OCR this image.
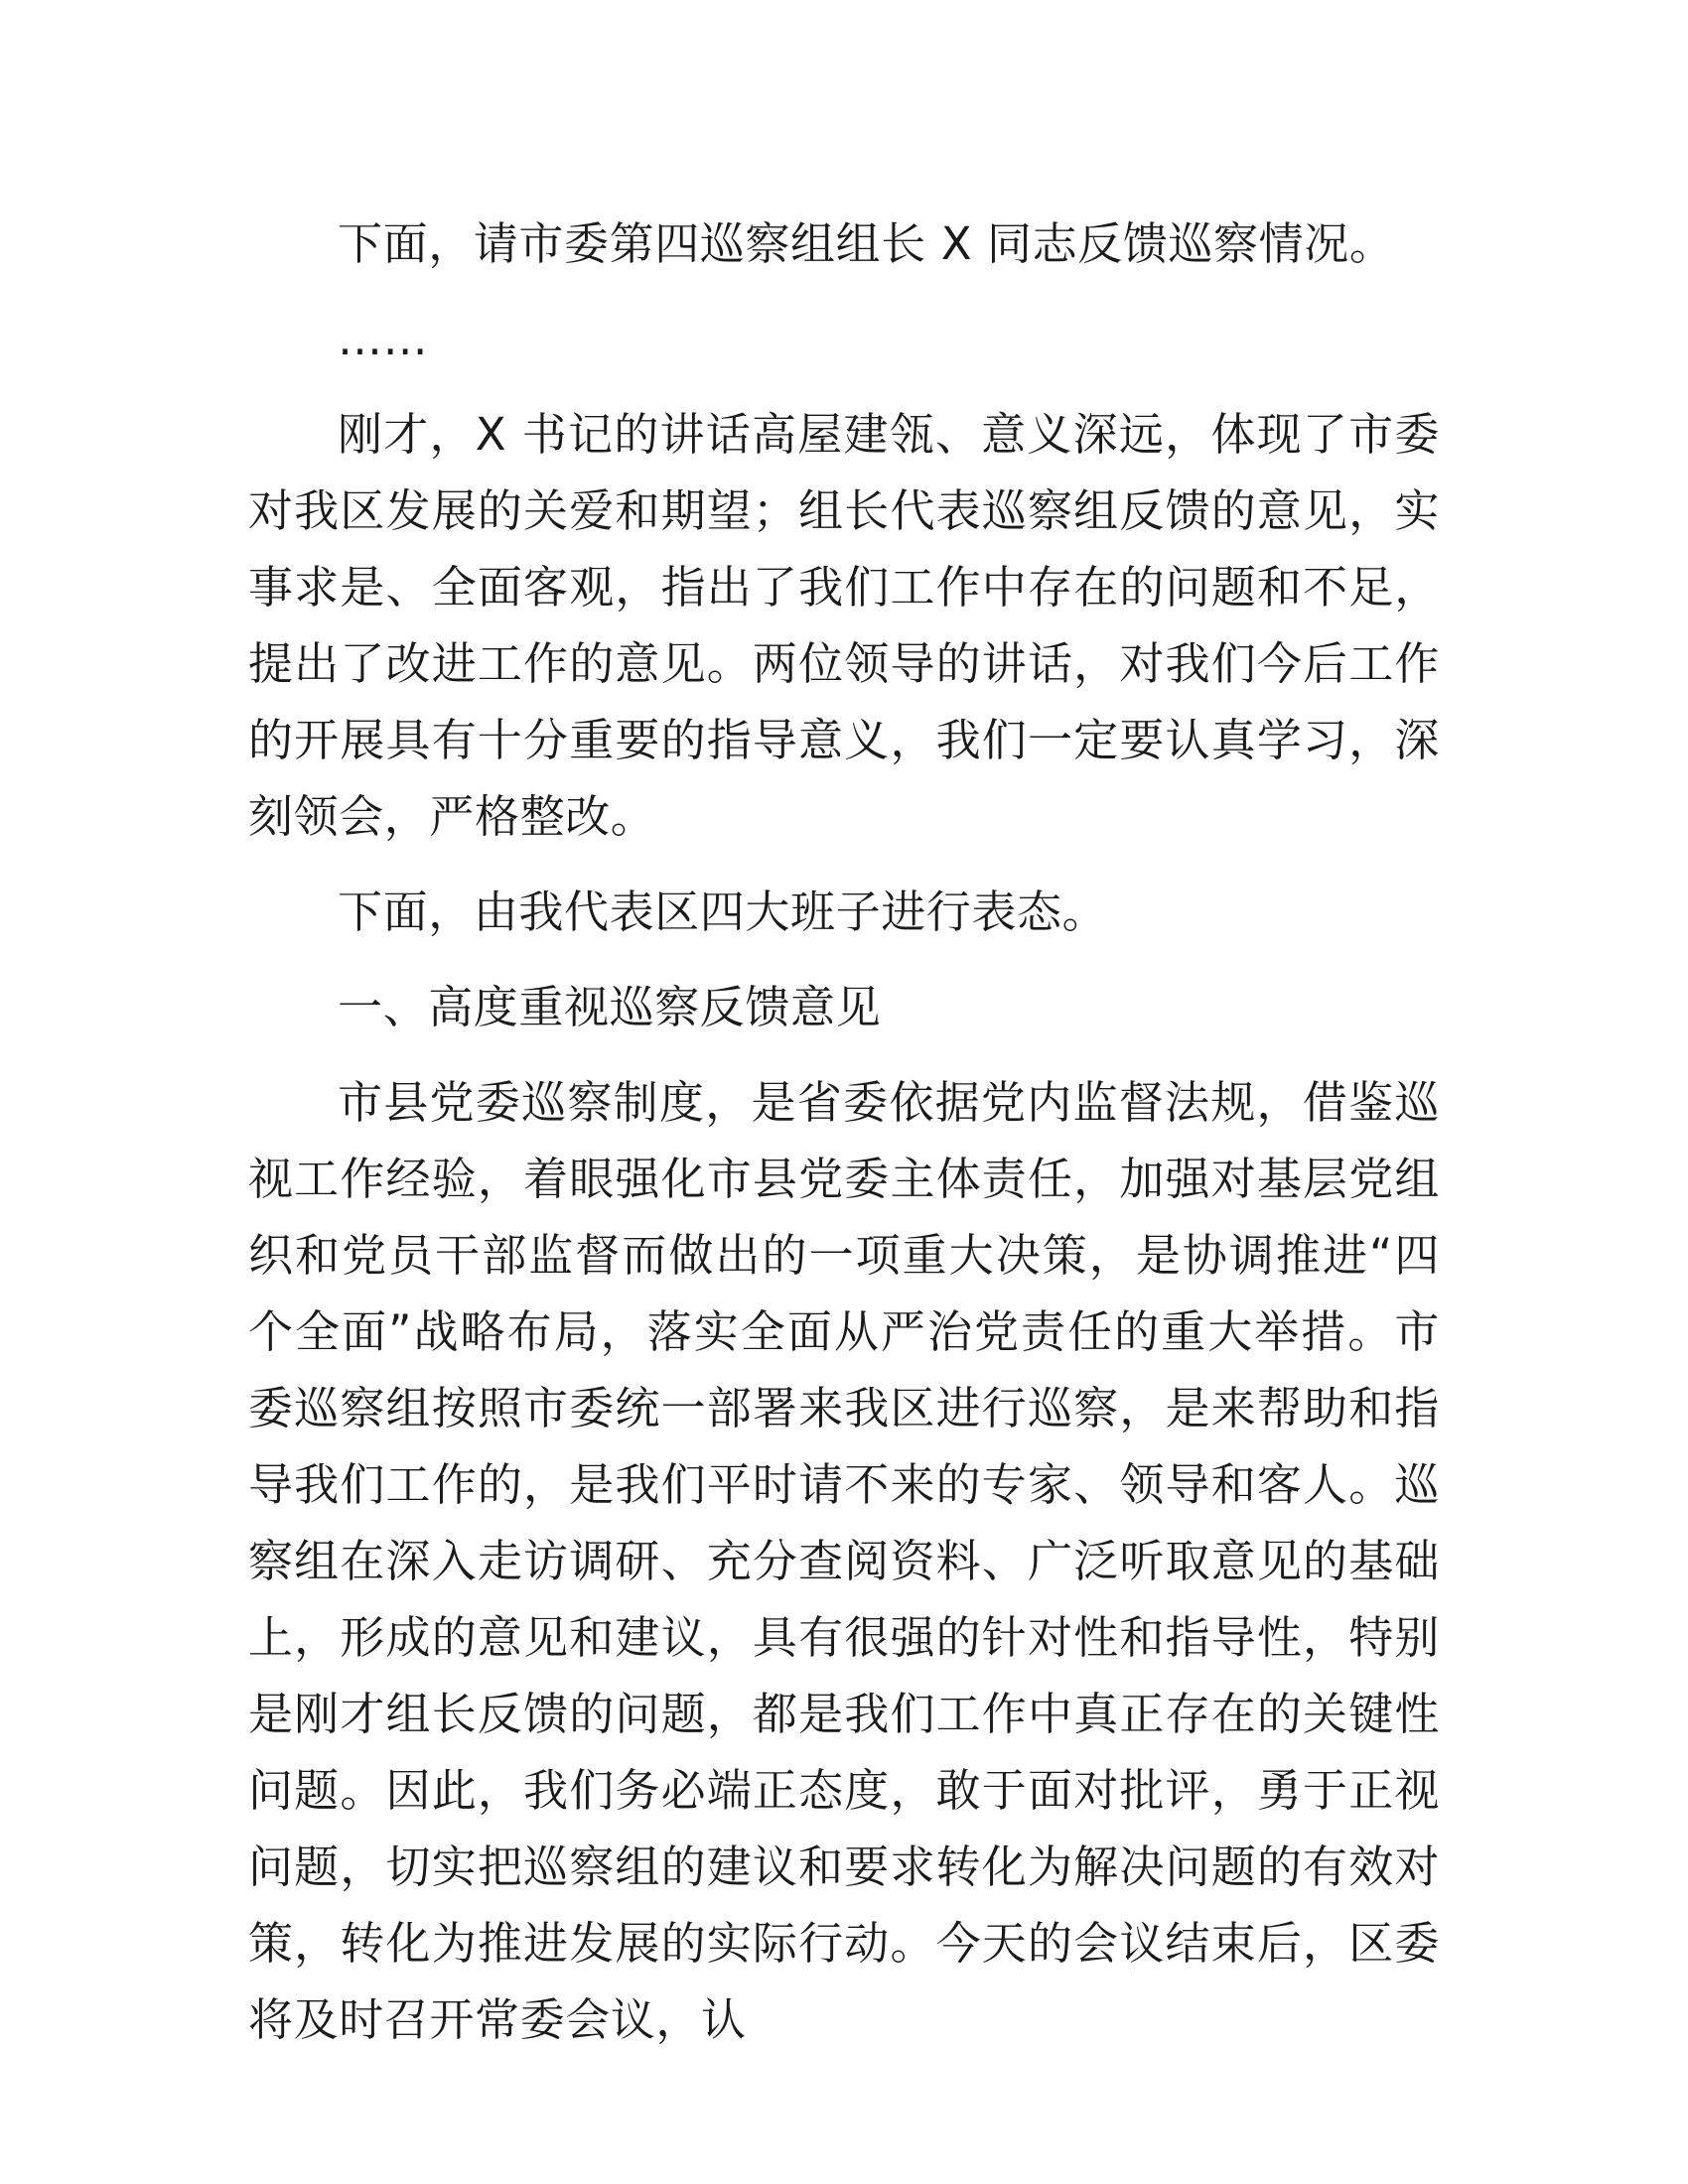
下面，请市委第四巡察组组长 X 同志反馈巡察情况。

……

刚才，X 书记的讲话高屋建瓴、意义深远，体现了市委对我区发展的关爱和期望；组长代表巡察组反馈的意见，实事求是、全面客观，指出了我们工作中存在的问题和不足，提出了改进工作的意见。两位领导的讲话，对我们今后工作的开展具有十分重要的指导意义，我们一定要认真学习，深刻领会，严格整改。

下面，由我代表区四大班子进行表态。

一、高度重视巡察反馈意见

市县党委巡察制度，是省委依据党内监督法规，借鉴巡视工作经验，着眼强化市县党委主体责任，加强对基层党组织和党员干部监督而做出的一项重大决策，是协调推进“四个全面”战略布局，落实全面从严治党责任的重大举措。市委巡察组按照市委统一部署来我区进行巡察，是来帮助和指导我们工作的，是我们平时请不来的专家、领导和客人。巡察组在深入走访调研、充分查阅资料、广泛听取意见的基础上，形成的意见和建议，具有很强的针对性和指导性，特别是刚才组长反馈的问题，都是我们工作中真正存在的关键性问题。因此，我们务必端正态度，敢于面对批评，勇于正视问题，切实把巡察组的建议和要求转化为解决问题的有效对策，转化为推进发展的实际行动。今天的会议结束后，区委将及时召开常委会议，认
